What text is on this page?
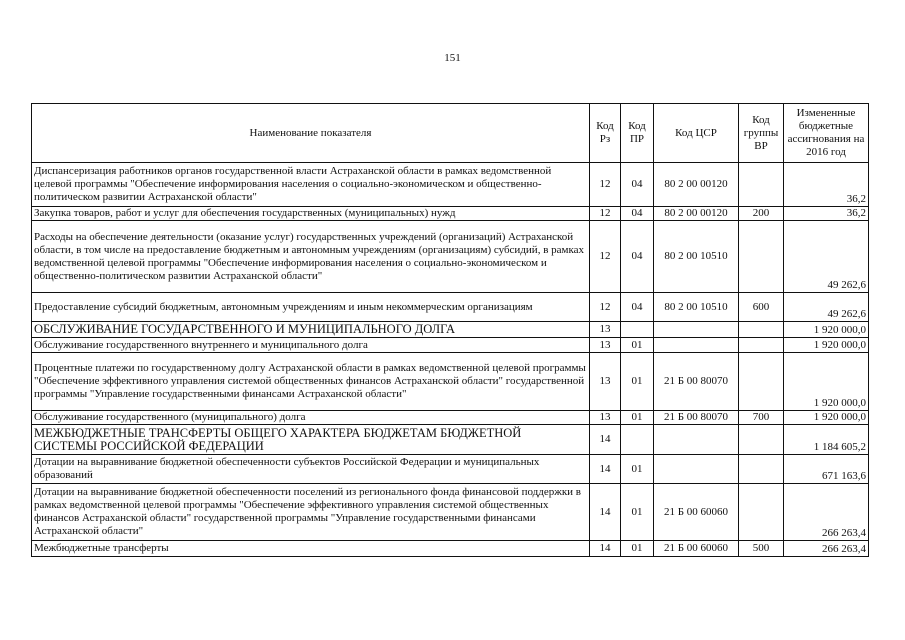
151
Наименование показателя	Код Рз	Код ПР	Код ЦСР	Код группы ВР	Измененные бюджетные ассигнования на 2016 год
Диспансеризация работников органов государственной власти Астраханской области в рамках ведомственной целевой программы "Обеспечение информирования населения о социально-экономическом и общественно-политическом развитии Астраханской области"	12	04	80 2 00 00120		36,2
Закупка товаров, работ и услуг для обеспечения государственных (муниципальных) нужд	12	04	80 2 00 00120	200	36,2
Расходы на обеспечение деятельности (оказание услуг) государственных учреждений (организаций) Астраханской области, в том числе на предоставление бюджетным и автономным учреждениям (организациям) субсидий, в рамках ведомственной целевой программы "Обеспечение информирования населения о социально-экономическом и общественно-политическом развитии Астраханской области"	12	04	80 2 00 10510		49 262,6
Предоставление субсидий бюджетным, автономным учреждениям и иным некоммерческим организациям	12	04	80 2 00 10510	600	49 262,6
ОБСЛУЖИВАНИЕ ГОСУДАРСТВЕННОГО И МУНИЦИПАЛЬНОГО ДОЛГА	13				1 920 000,0
Обслуживание государственного внутреннего и муниципального долга	13	01			1 920 000,0
Процентные платежи по государственному долгу Астраханской области в рамках ведомственной целевой программы "Обеспечение эффективного управления системой общественных финансов Астраханской области" государственной программы "Управление государственными финансами Астраханской области"	13	01	21 Б 00 80070		1 920 000,0
Обслуживание государственного (муниципального) долга	13	01	21 Б 00 80070	700	1 920 000,0
МЕЖБЮДЖЕТНЫЕ ТРАНСФЕРТЫ ОБЩЕГО ХАРАКТЕРА БЮДЖЕТАМ БЮДЖЕТНОЙ СИСТЕМЫ РОССИЙСКОЙ ФЕДЕРАЦИИ	14				1 184 605,2
Дотации на выравнивание бюджетной обеспеченности субъектов Российской Федерации и муниципальных образований	14	01			671 163,6
Дотации на выравнивание бюджетной обеспеченности поселений из регионального фонда финансовой поддержки в рамках ведомственной целевой программы "Обеспечение эффективного управления системой общественных финансов Астраханской области" государственной программы "Управление государственными финансами Астраханской области"	14	01	21 Б 00 60060		266 263,4
Межбюджетные трансферты	14	01	21 Б 00 60060	500	266 263,4
